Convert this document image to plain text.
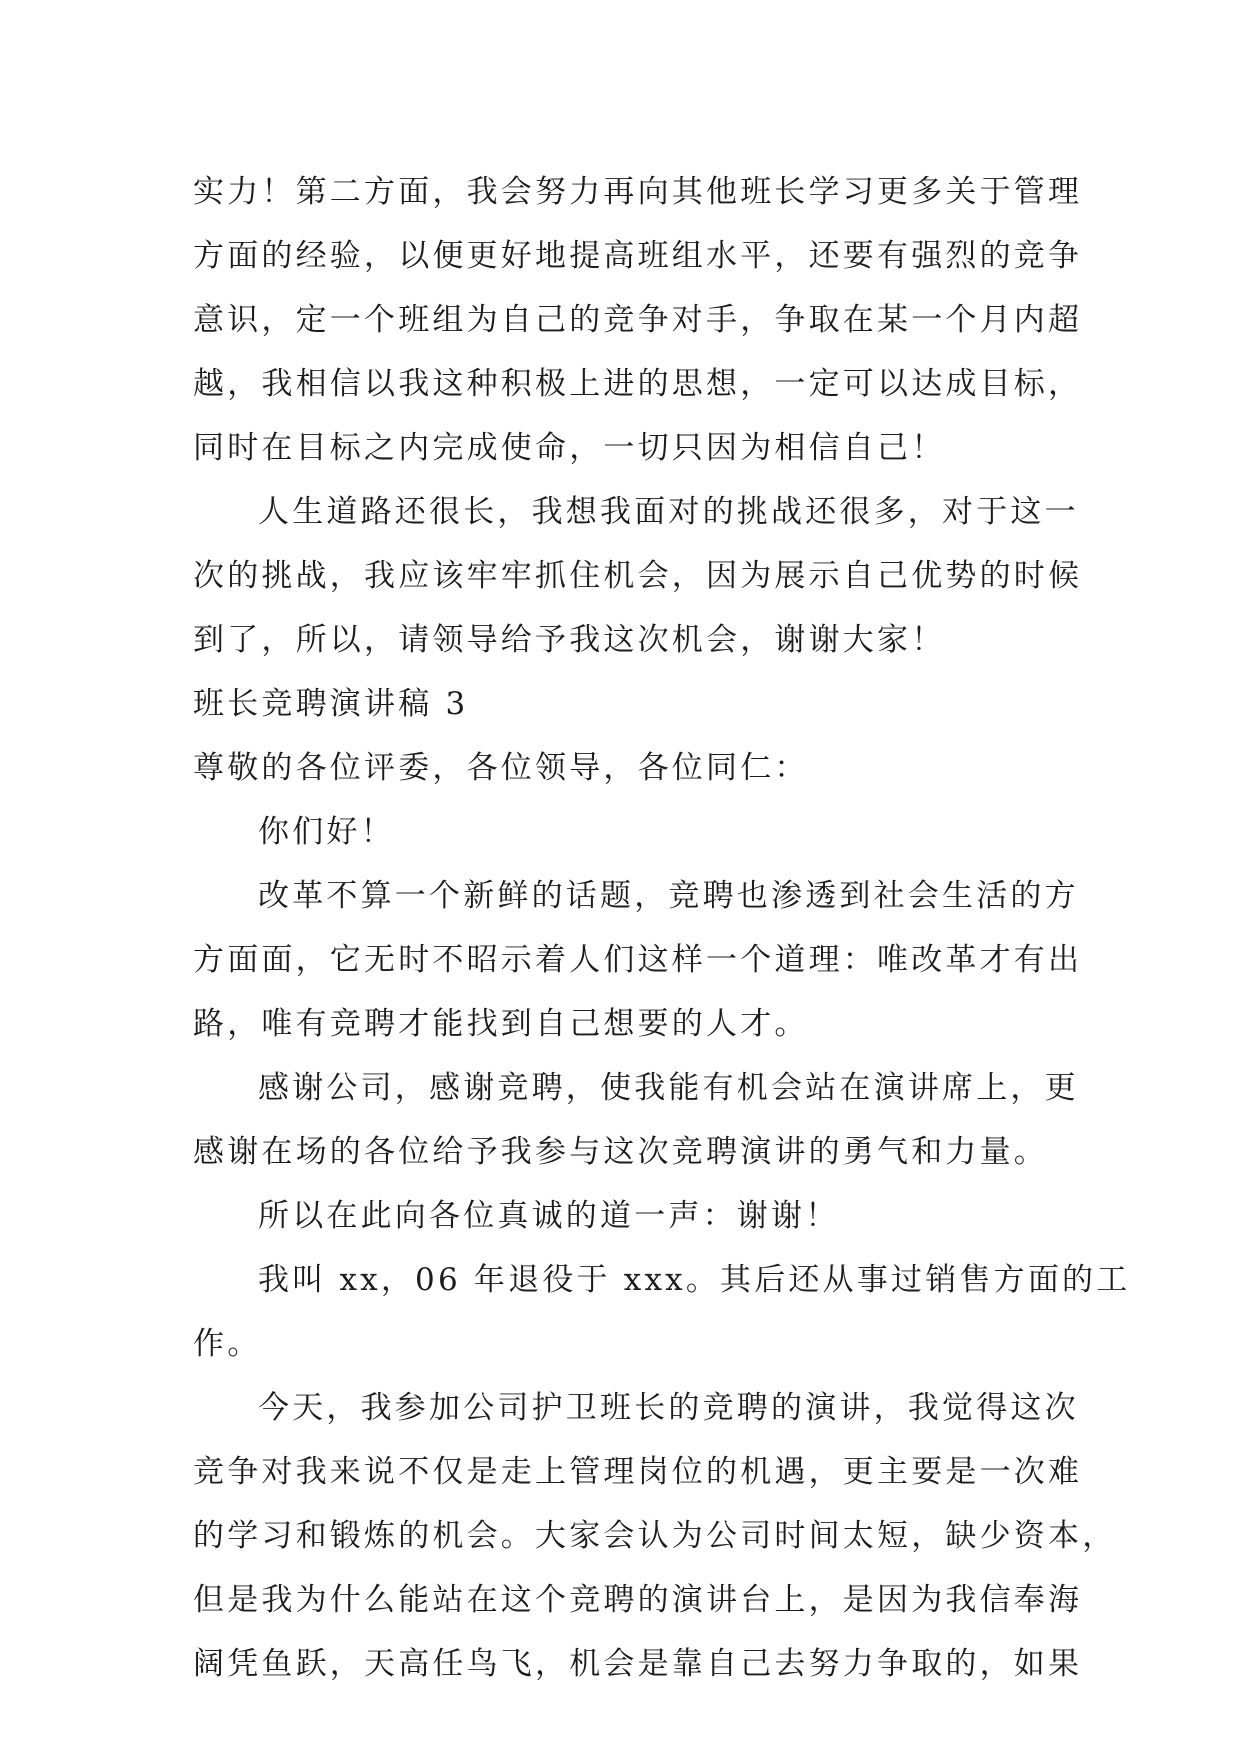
实力！第二方面，我会努力再向其他班长学习更多关于管理
方面的经验，以便更好地提高班组水平，还要有强烈的竞争
意识，定一个班组为自己的竞争对手，争取在某一个月内超
越，我相信以我这种积极上进的思想，一定可以达成目标，
同时在目标之内完成使命，一切只因为相信自己！
人生道路还很长，我想我面对的挑战还很多，对于这一
次的挑战，我应该牢牢抓住机会，因为展示自己优势的时候
到了，所以，请领导给予我这次机会，谢谢大家！
班长竞聘演讲稿 3
尊敬的各位评委，各位领导，各位同仁：
你们好！
改革不算一个新鲜的话题，竞聘也渗透到社会生活的方
方面面，它无时不昭示着人们这样一个道理：唯改革才有出
路，唯有竞聘才能找到自己想要的人才。
感谢公司，感谢竞聘，使我能有机会站在演讲席上，更
感谢在场的各位给予我参与这次竞聘演讲的勇气和力量。
所以在此向各位真诚的道一声：谢谢！
我叫 xx，06 年退役于 xxx。其后还从事过销售方面的工
作。
今天，我参加公司护卫班长的竞聘的演讲，我觉得这次
竞争对我来说不仅是走上管理岗位的机遇，更主要是一次难
的学习和锻炼的机会。大家会认为公司时间太短，缺少资本，
但是我为什么能站在这个竞聘的演讲台上，是因为我信奉海
阔凭鱼跃，天高任鸟飞，机会是靠自己去努力争取的，如果
